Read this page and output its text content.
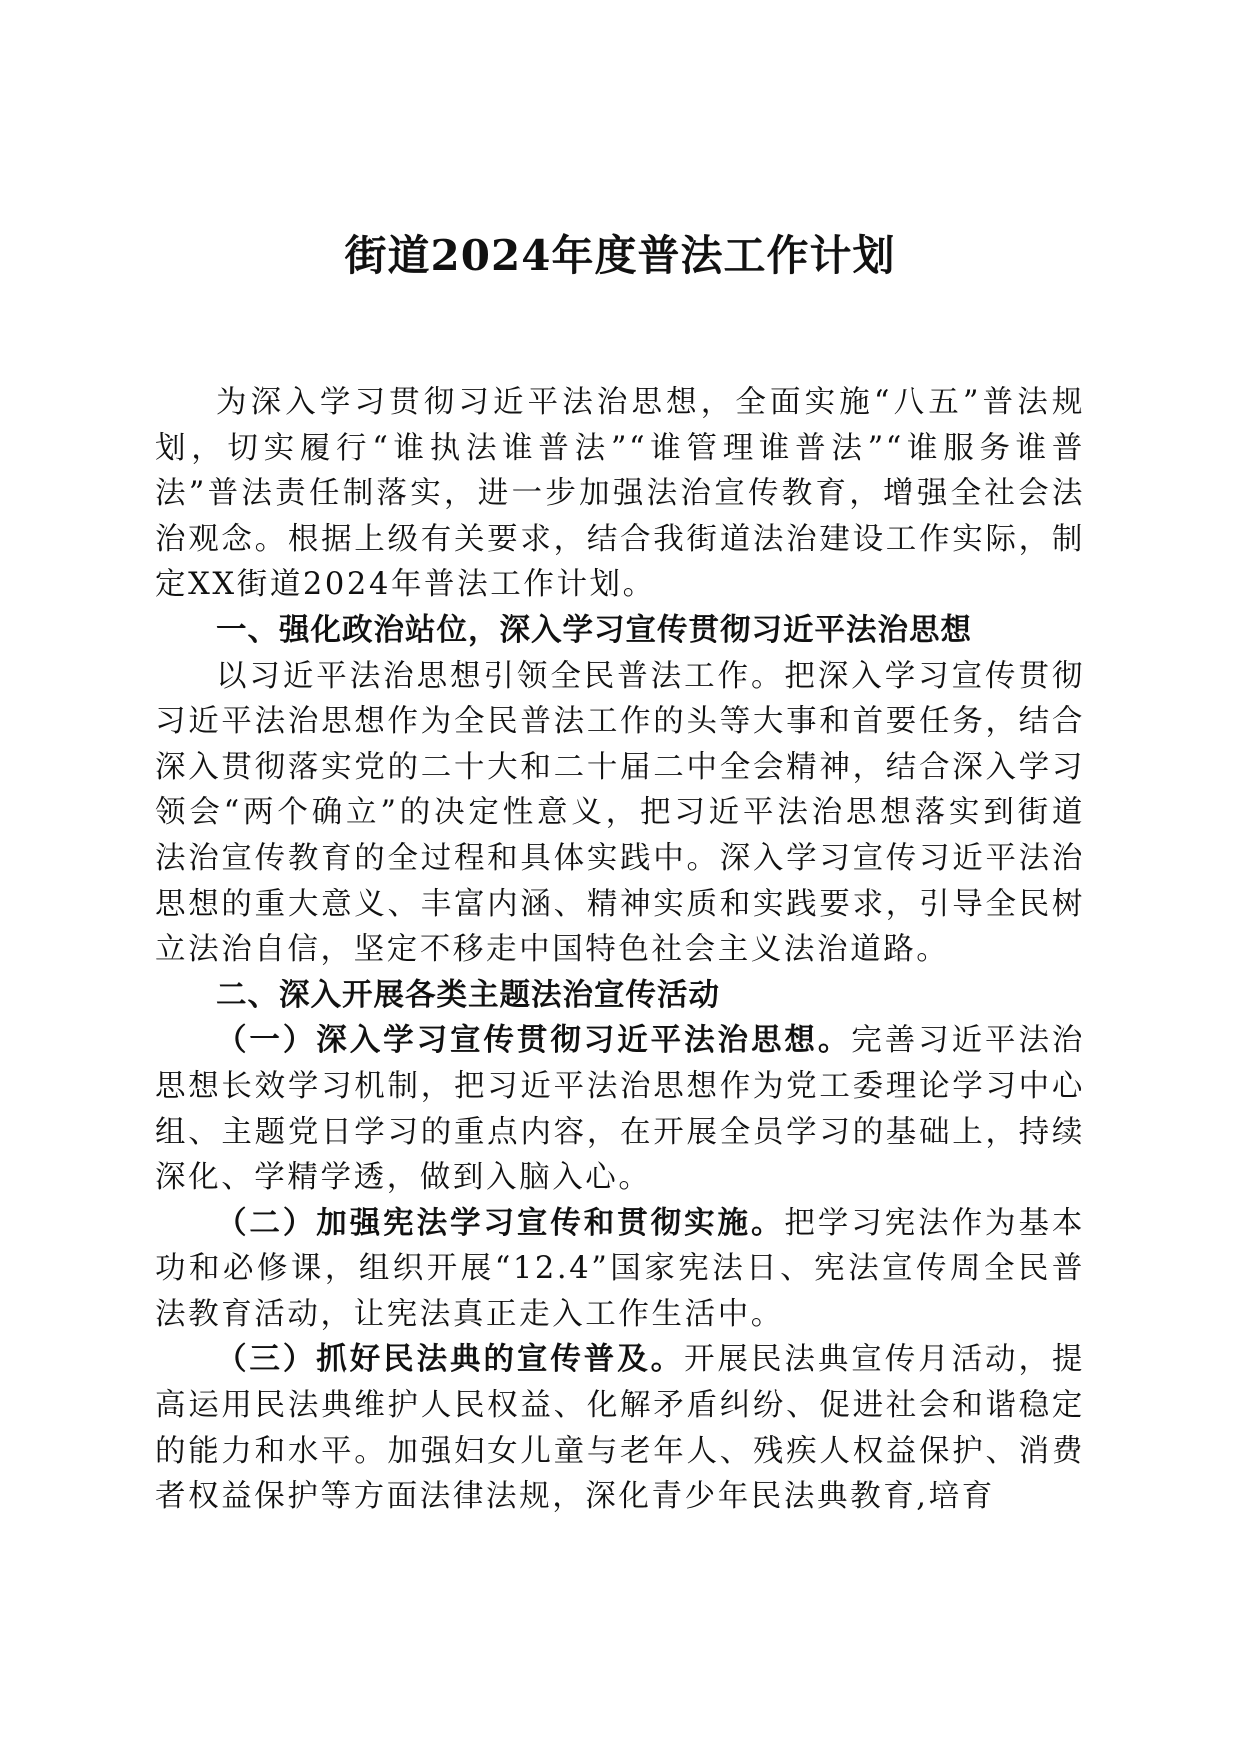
街道2024年度普法工作计划

为深入学习贯彻习近平法治思想，全面实施“八五”普法规划，切实履行“谁执法谁普法”“谁管理谁普法”“谁服务谁普法”普法责任制落实，进一步加强法治宣传教育，增强全社会法治观念。根据上级有关要求，结合我街道法治建设工作实际，制定XX街道2024年普法工作计划。

一、强化政治站位，深入学习宣传贯彻习近平法治思想

以习近平法治思想引领全民普法工作。把深入学习宣传贯彻习近平法治思想作为全民普法工作的头等大事和首要任务，结合深入贯彻落实党的二十大和二十届二中全会精神，结合深入学习领会“两个确立”的决定性意义，把习近平法治思想落实到街道法治宣传教育的全过程和具体实践中。深入学习宣传习近平法治思想的重大意义、丰富内涵、精神实质和实践要求，引导全民树立法治自信，坚定不移走中国特色社会主义法治道路。

二、深入开展各类主题法治宣传活动

（一）深入学习宣传贯彻习近平法治思想。完善习近平法治思想长效学习机制，把习近平法治思想作为党工委理论学习中心组、主题党日学习的重点内容，在开展全员学习的基础上，持续深化、学精学透，做到入脑入心。

（二）加强宪法学习宣传和贯彻实施。把学习宪法作为基本功和必修课，组织开展“12.4”国家宪法日、宪法宣传周全民普法教育活动，让宪法真正走入工作生活中。

（三）抓好民法典的宣传普及。开展民法典宣传月活动，提高运用民法典维护人民权益、化解矛盾纠纷、促进社会和谐稳定的能力和水平。加强妇女儿童与老年人、残疾人权益保护、消费者权益保护等方面法律法规，深化青少年民法典教育,培育
